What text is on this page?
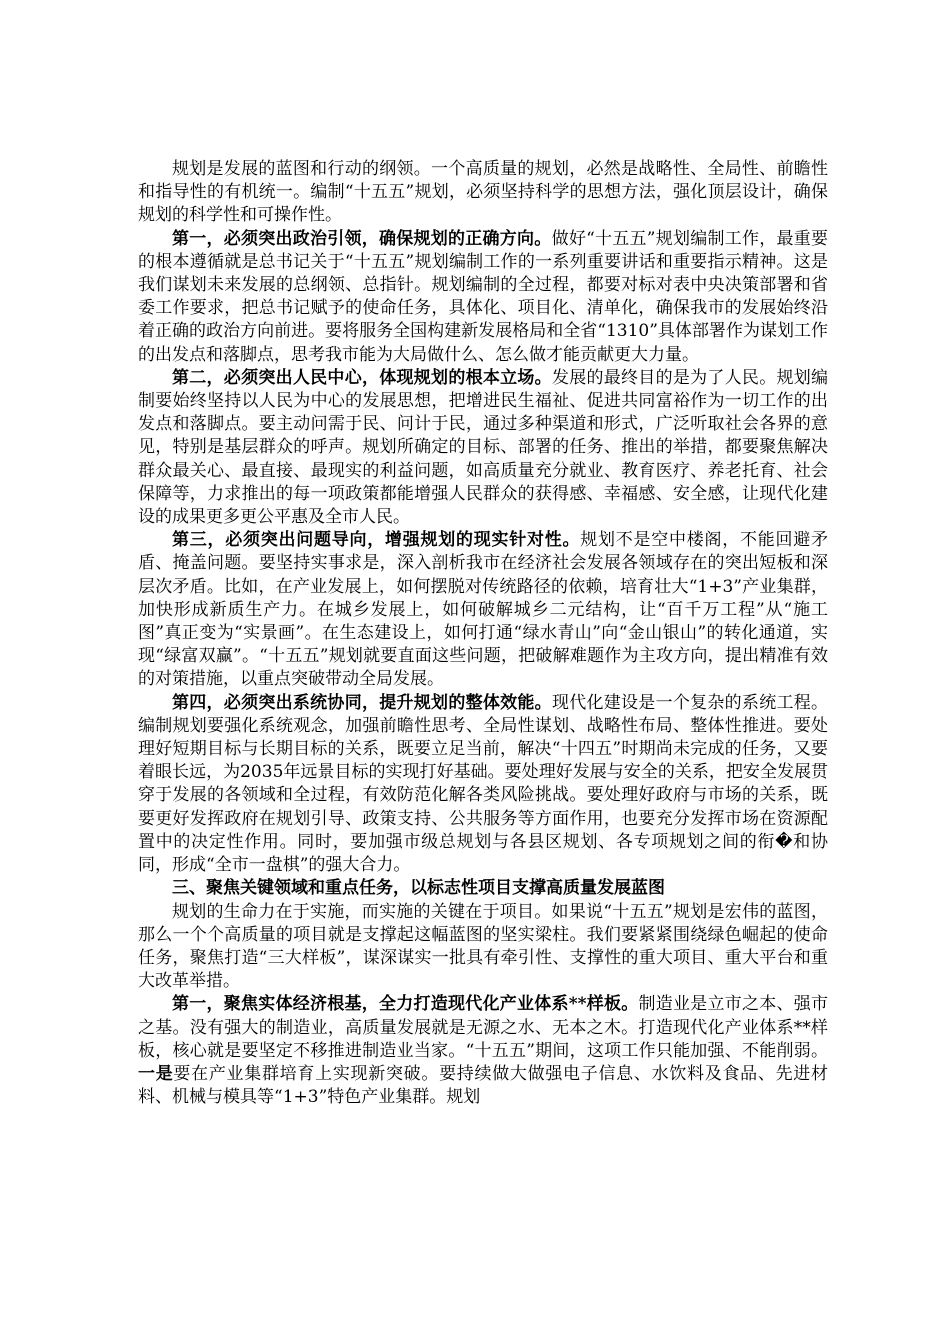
规划是发展的蓝图和行动的纲领。一个高质量的规划，必然是战略性、全局性、前瞻性和指导性的有机统一。编制“十五五”规划，必须坚持科学的思想方法，强化顶层设计，确保规划的科学性和可操作性。

第一，必须突出政治引领，确保规划的正确方向。做好“十五五”规划编制工作，最重要的根本遵循就是总书记关于“十五五”规划编制工作的一系列重要讲话和重要指示精神。这是我们谋划未来发展的总纲领、总指针。规划编制的全过程，都要对标对表中央决策部署和省委工作要求，把总书记赋予的使命任务，具体化、项目化、清单化，确保我市的发展始终沿着正确的政治方向前进。要将服务全国构建新发展格局和全省“1310”具体部署作为谋划工作的出发点和落脚点，思考我市能为大局做什么、怎么做才能贡献更大力量。

第二，必须突出人民中心，体现规划的根本立场。发展的最终目的是为了人民。规划编制要始终坚持以人民为中心的发展思想，把增进民生福祉、促进共同富裕作为一切工作的出发点和落脚点。要主动问需于民、问计于民，通过多种渠道和形式，广泛听取社会各界的意见，特别是基层群众的呼声。规划所确定的目标、部署的任务、推出的举措，都要聚焦解决群众最关心、最直接、最现实的利益问题，如高质量充分就业、教育医疗、养老托育、社会保障等，力求推出的每一项政策都能增强人民群众的获得感、幸福感、安全感，让现代化建设的成果更多更公平惠及全市人民。

第三，必须突出问题导向，增强规划的现实针对性。规划不是空中楼阁，不能回避矛盾、掩盖问题。要坚持实事求是，深入剖析我市在经济社会发展各领域存在的突出短板和深层次矛盾。比如，在产业发展上，如何摆脱对传统路径的依赖，培育壮大“1+3”产业集群，加快形成新质生产力。在城乡发展上，如何破解城乡二元结构，让“百千万工程”从“施工图”真正变为“实景画”。在生态建设上，如何打通“绿水青山”向“金山银山”的转化通道，实现“绿富双赢”。“十五五”规划就要直面这些问题，把破解难题作为主攻方向，提出精准有效的对策措施，以重点突破带动全局发展。

第四，必须突出系统协同，提升规划的整体效能。现代化建设是一个复杂的系统工程。编制规划要强化系统观念，加强前瞻性思考、全局性谋划、战略性布局、整体性推进。要处理好短期目标与长期目标的关系，既要立足当前，解决“十四五”时期尚未完成的任务，又要着眼长远，为2035年远景目标的实现打好基础。要处理好发展与安全的关系，把安全发展贯穿于发展的各领域和全过程，有效防范化解各类风险挑战。要处理好政府与市场的关系，既要更好发挥政府在规划引导、政策支持、公共服务等方面作用，也要充分发挥市场在资源配置中的决定性作用。同时，要加强市级总规划与各县区规划、各专项规划之间的衔�和协同，形成“全市一盘棋”的强大合力。

三、聚焦关键领域和重点任务，以标志性项目支撑高质量发展蓝图

规划的生命力在于实施，而实施的关键在于项目。如果说“十五五”规划是宏伟的蓝图，那么一个个高质量的项目就是支撑起这幅蓝图的坚实梁柱。我们要紧紧围绕绿色崛起的使命任务，聚焦打造“三大样板”，谋深谋实一批具有牵引性、支撑性的重大项目、重大平台和重大改革举措。

第一，聚焦实体经济根基，全力打造现代化产业体系**样板。制造业是立市之本、强市之基。没有强大的制造业，高质量发展就是无源之水、无本之木。打造现代化产业体系**样板，核心就是要坚定不移推进制造业当家。“十五五”期间，这项工作只能加强、不能削弱。一是要在产业集群培育上实现新突破。要持续做大做强电子信息、水饮料及食品、先进材料、机械与模具等“1+3”特色产业集群。规划
